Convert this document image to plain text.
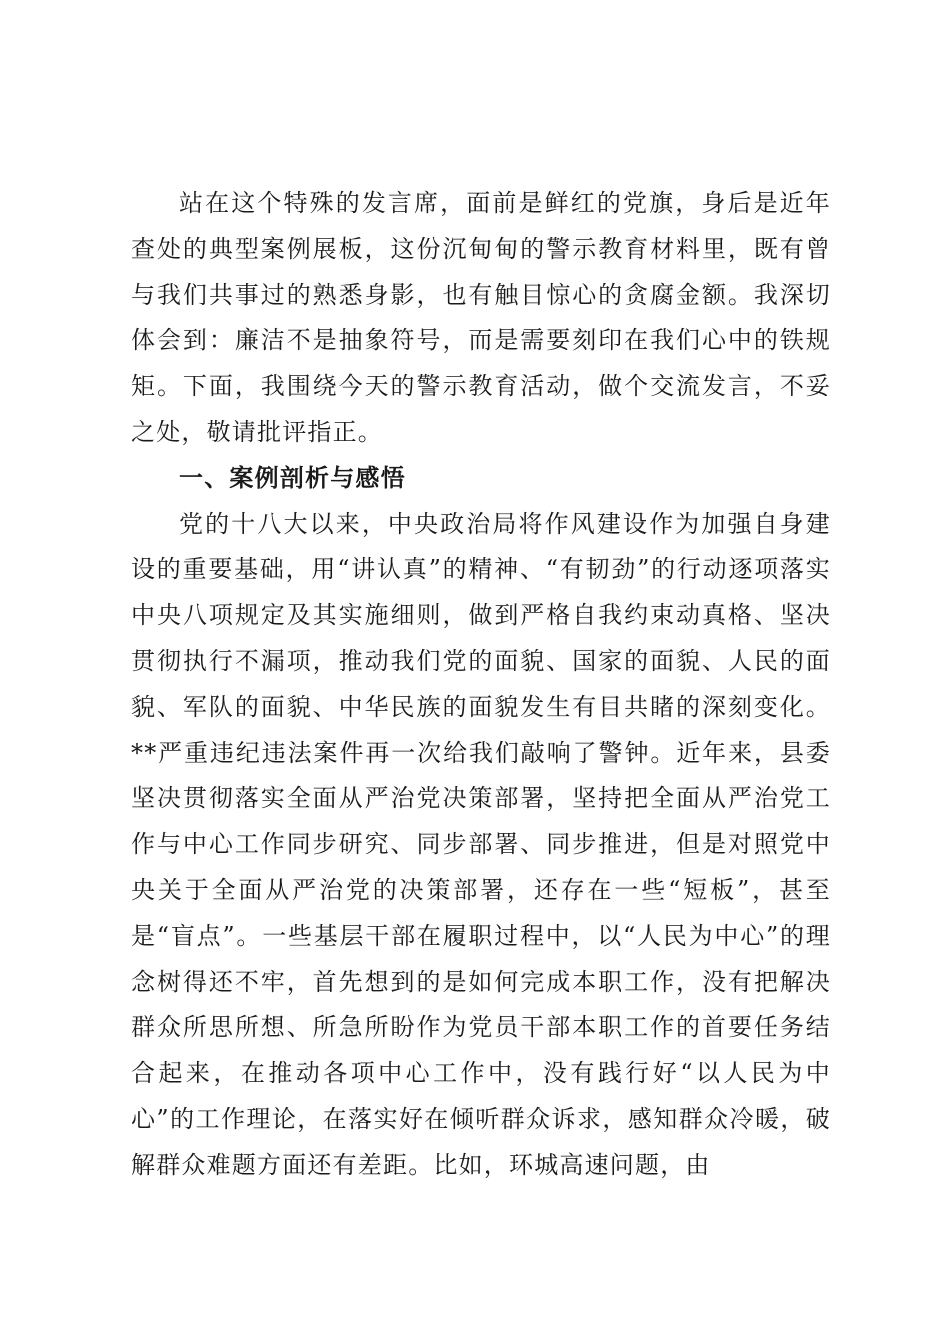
站在这个特殊的发言席，面前是鲜红的党旗，身后是近年查处的典型案例展板，这份沉甸甸的警示教育材料里，既有曾与我们共事过的熟悉身影，也有触目惊心的贪腐金额。我深切体会到：廉洁不是抽象符号，而是需要刻印在我们心中的铁规矩。下面，我围绕今天的警示教育活动，做个交流发言，不妥之处，敬请批评指正。

一、案例剖析与感悟

党的十八大以来，中央政治局将作风建设作为加强自身建设的重要基础，用“讲认真”的精神、“有韧劲”的行动逐项落实中央八项规定及其实施细则，做到严格自我约束动真格、坚决贯彻执行不漏项，推动我们党的面貌、国家的面貌、人民的面貌、军队的面貌、中华民族的面貌发生有目共睹的深刻变化。**严重违纪违法案件再一次给我们敲响了警钟。近年来，县委坚决贯彻落实全面从严治党决策部署，坚持把全面从严治党工作与中心工作同步研究、同步部署、同步推进，但是对照党中央关于全面从严治党的决策部署，还存在一些“短板”，甚至是“盲点”。一些基层干部在履职过程中，以“人民为中心”的理念树得还不牢，首先想到的是如何完成本职工作，没有把解决群众所思所想、所急所盼作为党员干部本职工作的首要任务结合起来，在推动各项中心工作中，没有践行好“以人民为中心”的工作理论，在落实好在倾听群众诉求，感知群众冷暖，破解群众难题方面还有差距。比如，环城高速问题，由
